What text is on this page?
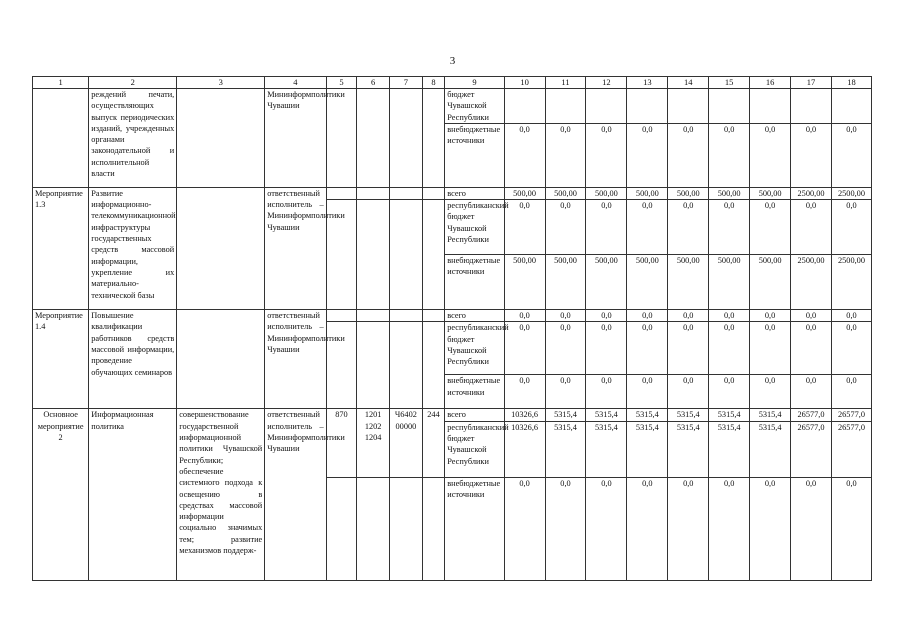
3
1	2	3	4	5	6	7	8	9	10	11	12	13	14	15	16	17	18
	реждений печати, осуществляющих выпуск периодических изданий, учрежденных органами законодательной и исполнительной власти		Мининформполитики Чувашии					бюджет Чувашской Республики									
								внебюджетные источники	0,0	0,0	0,0	0,0	0,0	0,0	0,0	0,0	0,0
Мероприятие 1.3	Развитие информационно-телекоммуникационной инфраструктуры государственных средств массовой информации, укрепление их материально-технической базы		ответственный исполнитель – Мининформполитики Чувашии					всего	500,00	500,00	500,00	500,00	500,00	500,00	500,00	2500,00	2500,00
								республиканский бюджет Чувашской Республики	0,0	0,0	0,0	0,0	0,0	0,0	0,0	0,0	0,0
								внебюджетные источники	500,00	500,00	500,00	500,00	500,00	500,00	500,00	2500,00	2500,00
Мероприятие 1.4	Повышение квалификации работников средств массовой информации, проведение обучающих семинаров		ответственный исполнитель – Мининформполитики Чувашии					всего	0,0	0,0	0,0	0,0	0,0	0,0	0,0	0,0	0,0
								республиканский бюджет Чувашской Республики	0,0	0,0	0,0	0,0	0,0	0,0	0,0	0,0	0,0
								внебюджетные источники	0,0	0,0	0,0	0,0	0,0	0,0	0,0	0,0	0,0
Основное мероприятие 2	Информационная политика	совершенствование государственной информационной политики Чувашской Республики; обеспечение системного подхода к освещению в средствах массовой информации социально значимых тем; развитие механизмов поддерж-	ответственный исполнитель – Мининформполитики Чувашии	870	1201 1202 1204	Ч6402 00000	244	всего	10326,6	5315,4	5315,4	5315,4	5315,4	5315,4	5315,4	26577,0	26577,0
								республиканский бюджет Чувашской Республики	10326,6	5315,4	5315,4	5315,4	5315,4	5315,4	5315,4	26577,0	26577,0
								внебюджетные источники	0,0	0,0	0,0	0,0	0,0	0,0	0,0	0,0	0,0
